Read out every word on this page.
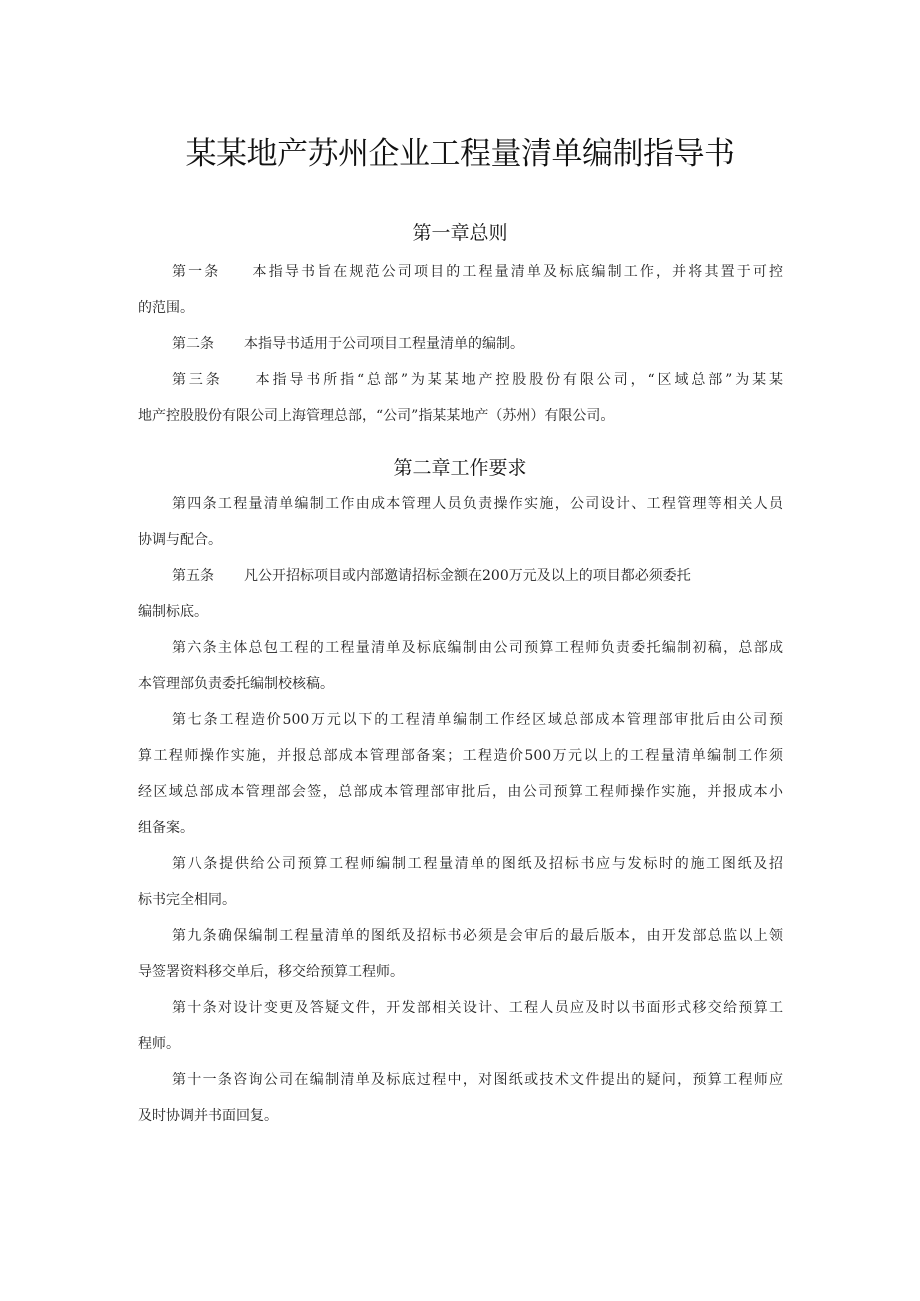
某某地产苏州企业工程量清单编制指导书
第一章总则
第一条 本指导书旨在规范公司项目的工程量清单及标底编制工作，并将其置于可控
的范围。
第二条 本指导书适用于公司项目工程量清单的编制。
第三条 本指导书所指“总部”为某某地产控股股份有限公司，“区域总部”为某某
地产控股股份有限公司上海管理总部，“公司”指某某地产（苏州）有限公司。
第二章工作要求
第四条工程量清单编制工作由成本管理人员负责操作实施，公司设计、工程管理等相关人员
协调与配合。
第五条 凡公开招标项目或内部邀请招标金额在200万元及以上的项目都必须委托
编制标底。
第六条主体总包工程的工程量清单及标底编制由公司预算工程师负责委托编制初稿，总部成
本管理部负责委托编制校核稿。
第七条工程造价500万元以下的工程清单编制工作经区域总部成本管理部审批后由公司预
算工程师操作实施，并报总部成本管理部备案；工程造价500万元以上的工程量清单编制工作须
经区域总部成本管理部会签，总部成本管理部审批后，由公司预算工程师操作实施，并报成本小
组备案。
第八条提供给公司预算工程师编制工程量清单的图纸及招标书应与发标时的施工图纸及招
标书完全相同。
第九条确保编制工程量清单的图纸及招标书必须是会审后的最后版本，由开发部总监以上领
导签署资料移交单后，移交给预算工程师。
第十条对设计变更及答疑文件，开发部相关设计、工程人员应及时以书面形式移交给预算工
程师。
第十一条咨询公司在编制清单及标底过程中，对图纸或技术文件提出的疑问，预算工程师应
及时协调并书面回复。
